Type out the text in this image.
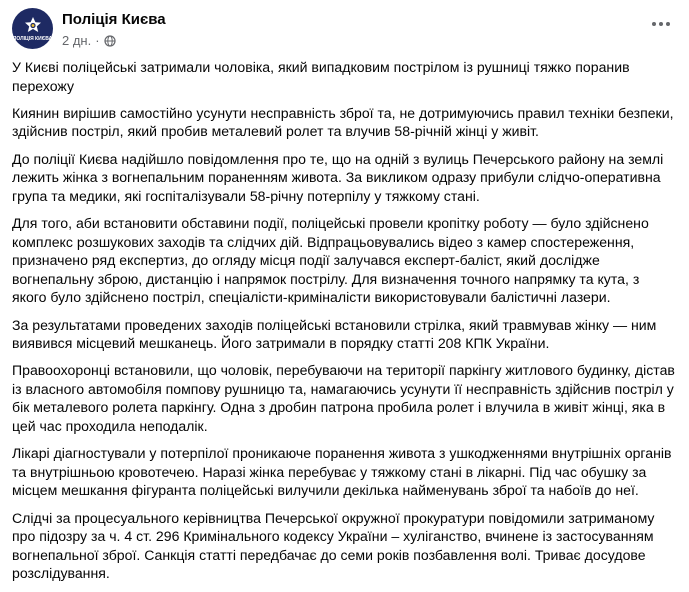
ПОЛІЦІЯ КИЄВА
Поліція Києва
2 дн. ·

У Києві поліцейські затримали чоловіка, який випадковим пострілом із рушниці тяжко поранив перехожу

Киянин вирішив самостійно усунути несправність зброї та, не дотримуючись правил техніки безпеки, здійснив постріл, який пробив металевий ролет та влучив 58-річній жінці у живіт.

До поліції Києва надійшло повідомлення про те, що на одній з вулиць Печерського району на землі лежить жінка з вогнепальним пораненням живота. За викликом одразу прибули слідчо-оперативна група та медики, які госпіталізували 58-річну потерпілу у тяжкому стані.

Для того, аби встановити обставини події, поліцейські провели кропітку роботу — було здійснено комплекс розшукових заходів та слідчих дій. Відпрацьовувались відео з камер спостереження, призначено ряд експертиз, до огляду місця події залучався експерт-балiст, який дослідже вогнепальну зброю, дистанцію і напрямок пострілу. Для визначення точного напрямку та кута, з якого було здійснено постріл, спеціалісти-криміналісти використовували балістичні лазери.

За результатами проведених заходів поліцейські встановили стрілка, який травмував жінку — ним виявився місцевий мешканець. Його затримали в порядку статті 208 КПК України.

Правоохоронці встановили, що чоловік, перебуваючи на території паркінгу житлового будинку, дістав із власного автомобіля помпову рушницю та, намагаючись усунути її несправність здійснив постріл у бік металевого ролета паркінгу. Одна з дробин патрона пробила ролет і влучила в живіт жінці, яка в цей час проходила неподалік.

Лікарі діагностували у потерпілої проникаюче поранення живота з ушкодженнями внутрішніх органів та внутрішньою кровотечею. Наразі жінка перебуває у тяжкому стані в лікарні. Під час обушку за місцем мешкання фігуранта поліцейські вилучили декілька найменувань зброї та набоїв до неї.

Слідчі за процесуального керівництва Печерської окружної прокуратури повідомили затриманому про підозру за ч. 4 ст. 296 Кримінального кодексу України – хуліганство, вчинене із застосуванням вогнепальної зброї. Санкція статті передбачає до семи років позбавлення волі. Триває досудове розслідування.
